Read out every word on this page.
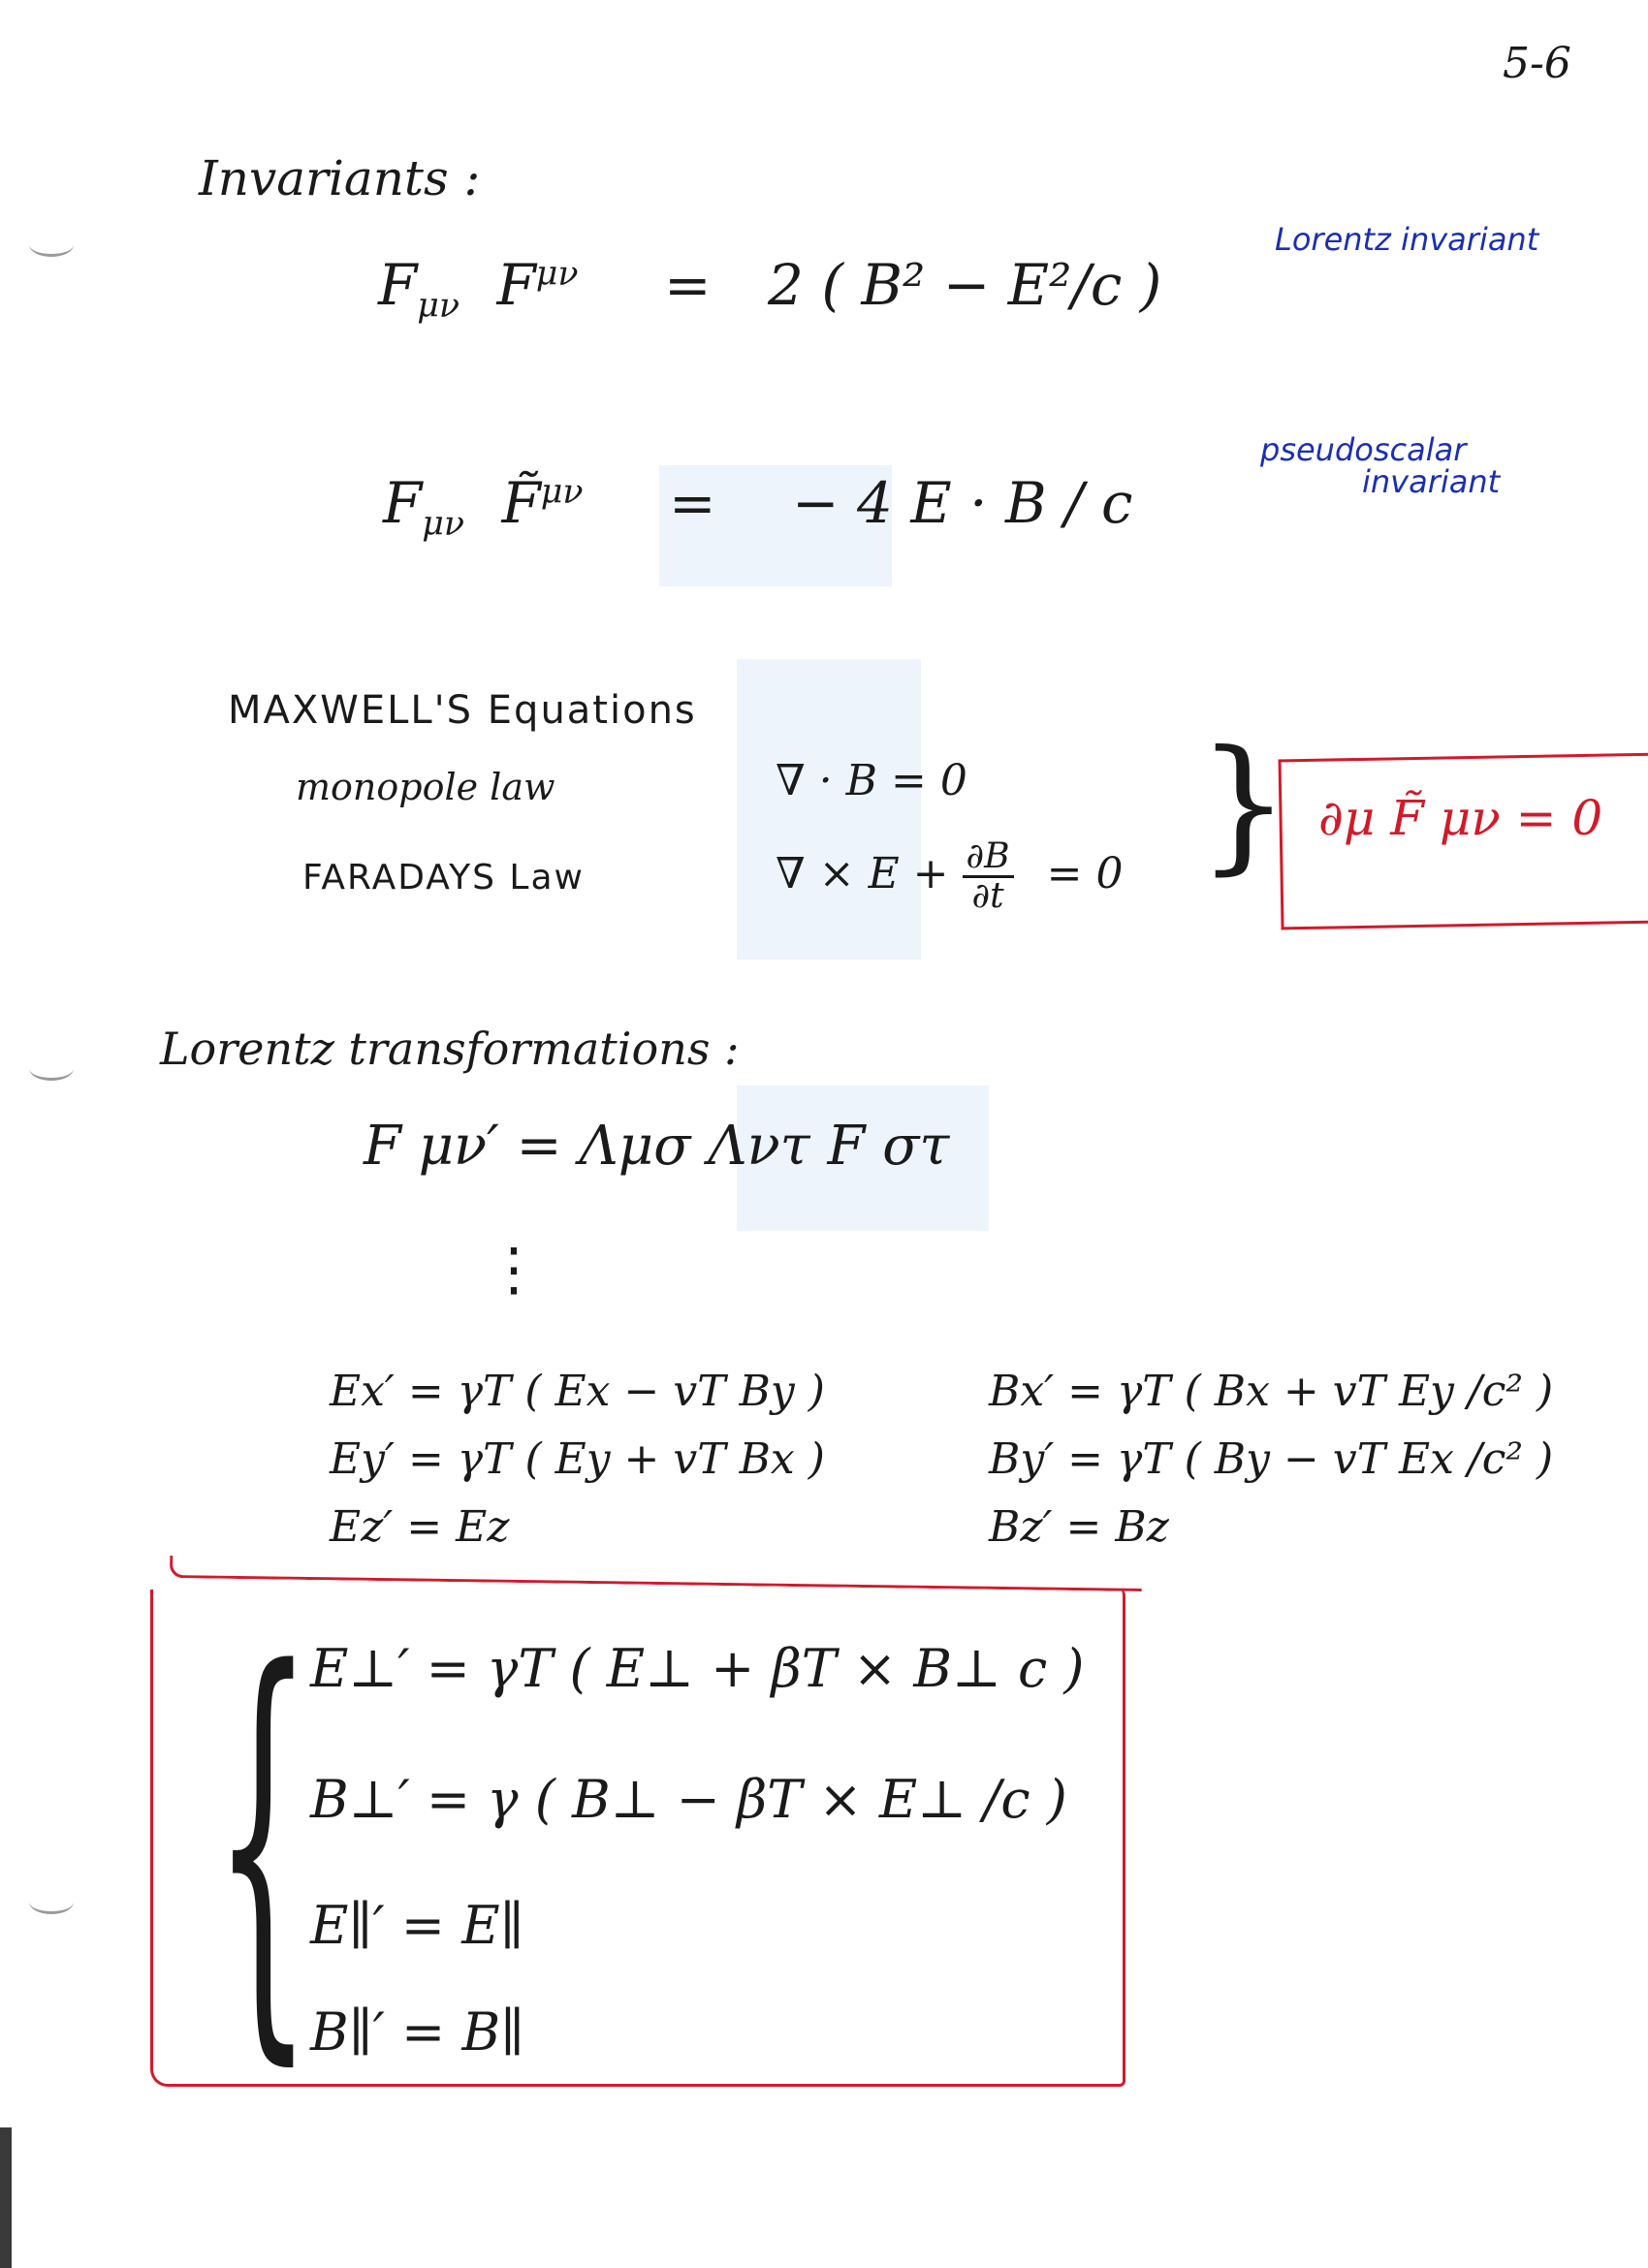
5-6
Invariants :
$F_{\mu\nu}$ $F^{\mu\nu} = 2$ ( B² − E²/c )
Lorentz invariant
$F_{\mu\nu}$ F̃$^{\mu\nu}$ = − 4 E · B / c
pseudoscalar
invariant
MAXWELL'S Equations
monopole law	∇ · B = 0
FARADAYS Law	∇ × $E + \frac{\partial B}{\partial t} = 0$ } ∂μ F̃ μν = 0
Lorentz transformations :
F μν′ = Λμσ Λντ F στ
⋮
Ex′ = γT ( Ex − vT By )
Ey′ = γT ( Ey + vT Bx )
Ez′ = Ez
Bx′ = γT ( Bx + vT Ey /c² )
By′ = γT ( By − vT Ex /c² )
Bz′ = Bz
{
E⊥′ = γT ( E⊥ + βT × B⊥ c )
B⊥′ = γ ( B⊥ − βT × E⊥ /c )
E∥′ = E∥
B∥′ = B∥
